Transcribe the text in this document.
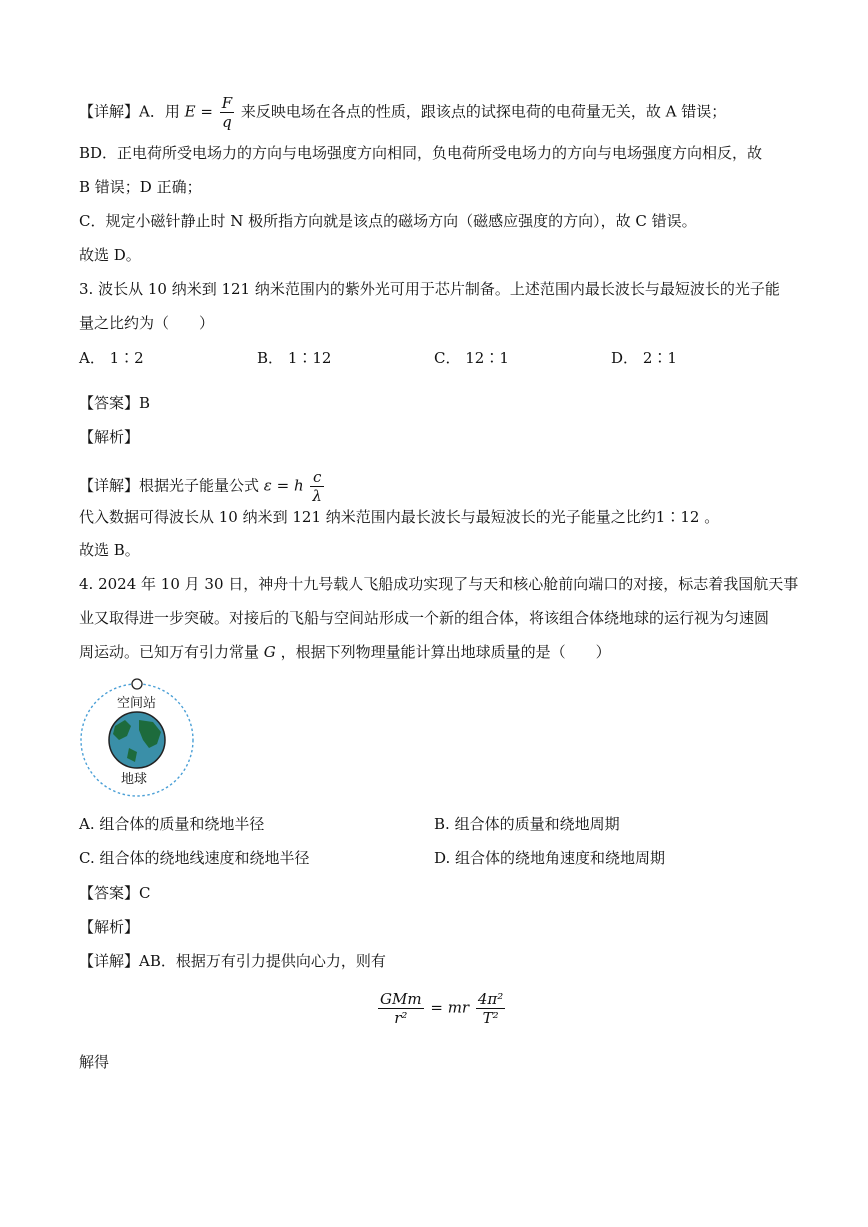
【详解】A．用 $E = \frac{F}{q}$ 来反映电场在各点的性质，跟该点的试探电荷的电荷量无关，故 A 错误；
BD．正电荷所受电场力的方向与电场强度方向相同，负电荷所受电场力的方向与电场强度方向相反，故
B 错误；D 正确；
C．规定小磁针静止时 N 极所指方向就是该点的磁场方向（磁感应强度的方向），故 C 错误。
故选 D。
3. 波长从 10 纳米到 121 纳米范围内的紫外光可用于芯片制备。上述范围内最长波长与最短波长的光子能
量之比约为（　　）
A． 1∶2	B． 1∶12	C． 12∶1	D． 2∶1
【答案】B
【解析】
【详解】根据光子能量公式 ε = h $\frac{c}{\lambda}$
代入数据可得波长从 10 纳米到 121 纳米范围内最长波长与最短波长的光子能量之比约1∶12 。
故选 B。
4. 2024 年 10 月 30 日，神舟十九号载人飞船成功实现了与天和核心舱前向端口的对接，标志着我国航天事
业又取得进一步突破。对接后的飞船与空间站形成一个新的组合体，将该组合体绕地球的运行视为匀速圆
周运动。已知万有引力常量 G ，根据下列物理量能计算出地球质量的是（　　）
空间站
地球
A. 组合体的质量和绕地半径	B. 组合体的质量和绕地周期
C. 组合体的绕地线速度和绕地半径	D. 组合体的绕地角速度和绕地周期
【答案】C
【解析】
【详解】AB．根据万有引力提供向心力，则有
$\frac{\text{GMm}}{\text{r²}}$ = mr $\frac{\text{4π²}}{\text{T²}}$
解得
